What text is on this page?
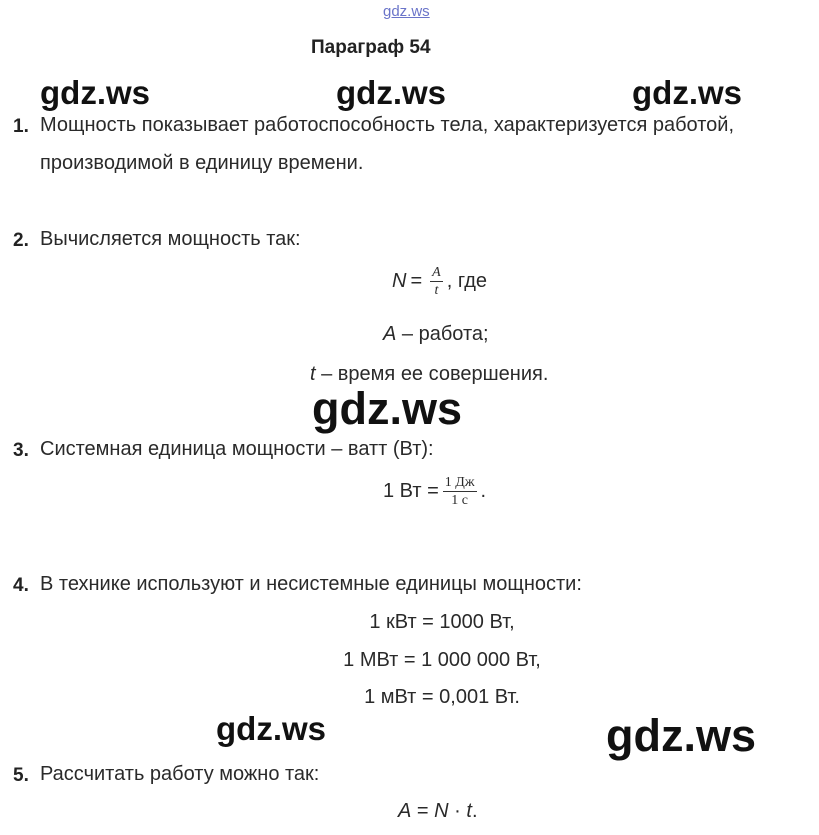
gdz.ws
Параграф 54
gdz.ws	gdz.ws	gdz.ws
gdz.ws
gdz.ws	gdz.ws
1. Мощность показывает работоспособность тела, характеризуется работой,
производимой в единицу времени.
2. Вычисляется мощность так:
$N = \frac{A}{t}$ , где
A – работа;
t – время ее совершения.
3. Системная единица мощности – ватт (Вт):
1 Вт = $\frac{1 Дж}{1 с}$ .
4. В технике используют и несистемные единицы мощности:
1 кВт = 1000 Вт,
1 МВт = 1 000 000 Вт,
1 мВт = 0,001 Вт.
5. Рассчитать работу можно так:
A = N · t.
